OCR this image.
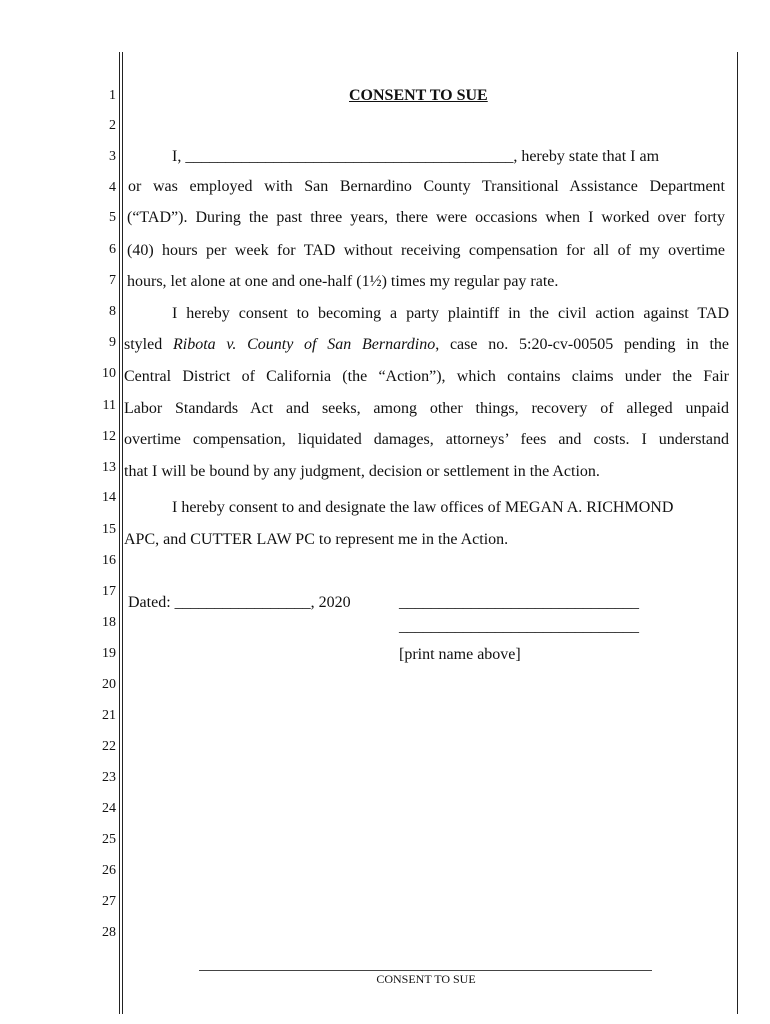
1
2
3
4
5
6
7
8
9
10
11
12
13
14
15
16
17
18
19
20
21
22
23
24
25
26
27
28
CONSENT TO SUE
I, _________________________________________, hereby state that I am
or was employed with San Bernardino County Transitional Assistance Department
(“TAD”). During the past three years, there were occasions when I worked over forty
(40) hours per week for TAD without receiving compensation for all of my overtime
hours, let alone at one and one-half (1½) times my regular pay rate.
I hereby consent to becoming a party plaintiff in the civil action against TAD
styled Ribota v. County of San Bernardino, case no. 5:20-cv-00505 pending in the
Central District of California (the “Action”), which contains claims under the Fair
Labor Standards Act and seeks, among other things, recovery of alleged unpaid
overtime compensation, liquidated damages, attorneys’ fees and costs. I understand
that I will be bound by any judgment, decision or settlement in the Action.
I hereby consent to and designate the law offices of MEGAN A. RICHMOND
APC, and CUTTER LAW PC to represent me in the Action.
Dated: _________________, 2020	______________________________
______________________________
[print name above]
CONSENT TO SUE
